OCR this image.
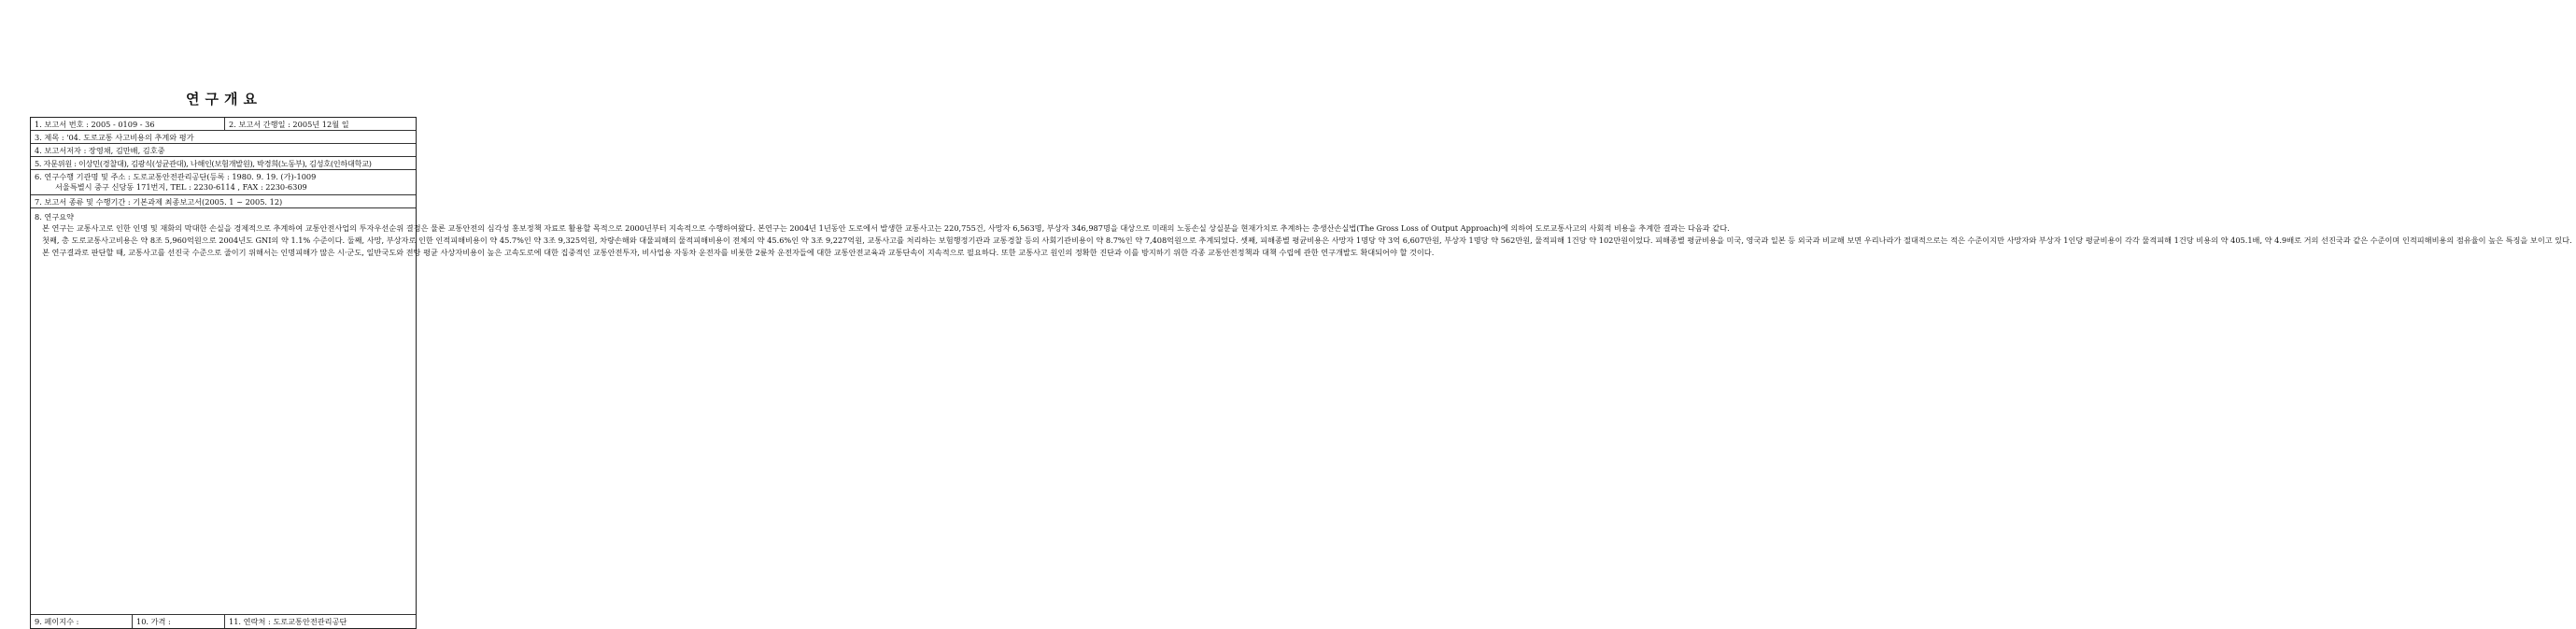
연구개요
1. 보고서 번호 : 2005 - 0109 - 36	2. 보고서 간행일 : 2005년 12월 일
3. 제목 : '04. 도로교통 사고비용의 추계와 평가
4. 보고서저자 : 장영채, 김만배, 김호중
5. 자문위원 : 이상민(경찰대), 김광식(성균관대), 나해인(보험개발원), 박경희(노동부), 김성호(인하대학교)
6. 연구수행 기관명 및 주소 : 도로교통안전관리공단(등록 : 1980. 9. 19. (가)-1009
서울특별시 중구 신당동 171번지, TEL : 2230-6114 , FAX : 2230-6309
7. 보고서 종류 및 수행기간 : 기본과제 최종보고서(2005. 1 ~ 2005. 12)
8. 연구요약

본 연구는 교통사고로 인한 인명 및 재화의 막대한 손실을 경제적으로 추계하여 교통안전사업의 투자우선순위 결정은 물론 교통안전의 심각성 홍보정책 자료로 활용할 목적으로 2000년부터 지속적으로 수행하여왔다. 본연구는 2004년 1년동안 도로에서 발생한 교통사고는 220,755건, 사망자 6,563명, 부상자 346,987명을 대상으로 미래의 노동손실 상실분을 현재가치로 추계하는 총생산손실법(The Gross Loss of Output Approach)에 의하여 도로교통사고의 사회적 비용을 추계한 결과는 다음과 같다.

첫째, 총 도로교통사고비용은 약 8조 5,960억원으로 2004년도 GNI의 약 1.1% 수준이다. 둘째, 사망, 부상자로 인한 인적피해비용이 약 45.7%인 약 3조 9,325억원, 차량손해와 대물피해의 물적피해비용이 전체의 약 45.6%인 약 3조 9,227억원, 교통사고를 처리하는 보험행정기관과 교통경찰 등의 사회기관비용이 약 8.7%인 약 7,408억원으로 추계되었다. 셋째, 피해종별 평균비용은 사망자 1명당 약 3억 6,607만원, 부상자 1명당 약 562만원, 물적피해 1건당 약 102만원이었다. 피해종별 평균비용을 미국, 영국과 일본 등 외국과 비교해 보면 우리나라가 절대적으로는 적은 수준이지만 사망자와 부상자 1인당 평균비용이 각각 물적피해 1건당 비용의 약 405.1배, 약 4.9배로 거의 선진국과 같은 수준이며 인적피해비용의 점유율이 높은 특징을 보이고 있다.

본 연구결과로 판단할 때, 교통사고를 선진국 수준으로 줄이기 위해서는 인명피해가 많은 시·군도, 일반국도와 전탕 평균 사상자비용이 높은 고속도로에 대한 집중적인 교통안전투자, 비사업용 자동차 운전자를 비롯한 2륜차 운전자들에 대한 교통안전교육과 교통단속이 지속적으로 필요하다. 또한 교통사고 원인의 정확한 진단과 이를 방지하기 위한 각종 교통안전정책과 대책 수립에 관한 연구개발도 확대되어야 할 것이다.

9. 페이지수 :	10. 가격 :	11. 연락처 : 도로교통안전관리공단
